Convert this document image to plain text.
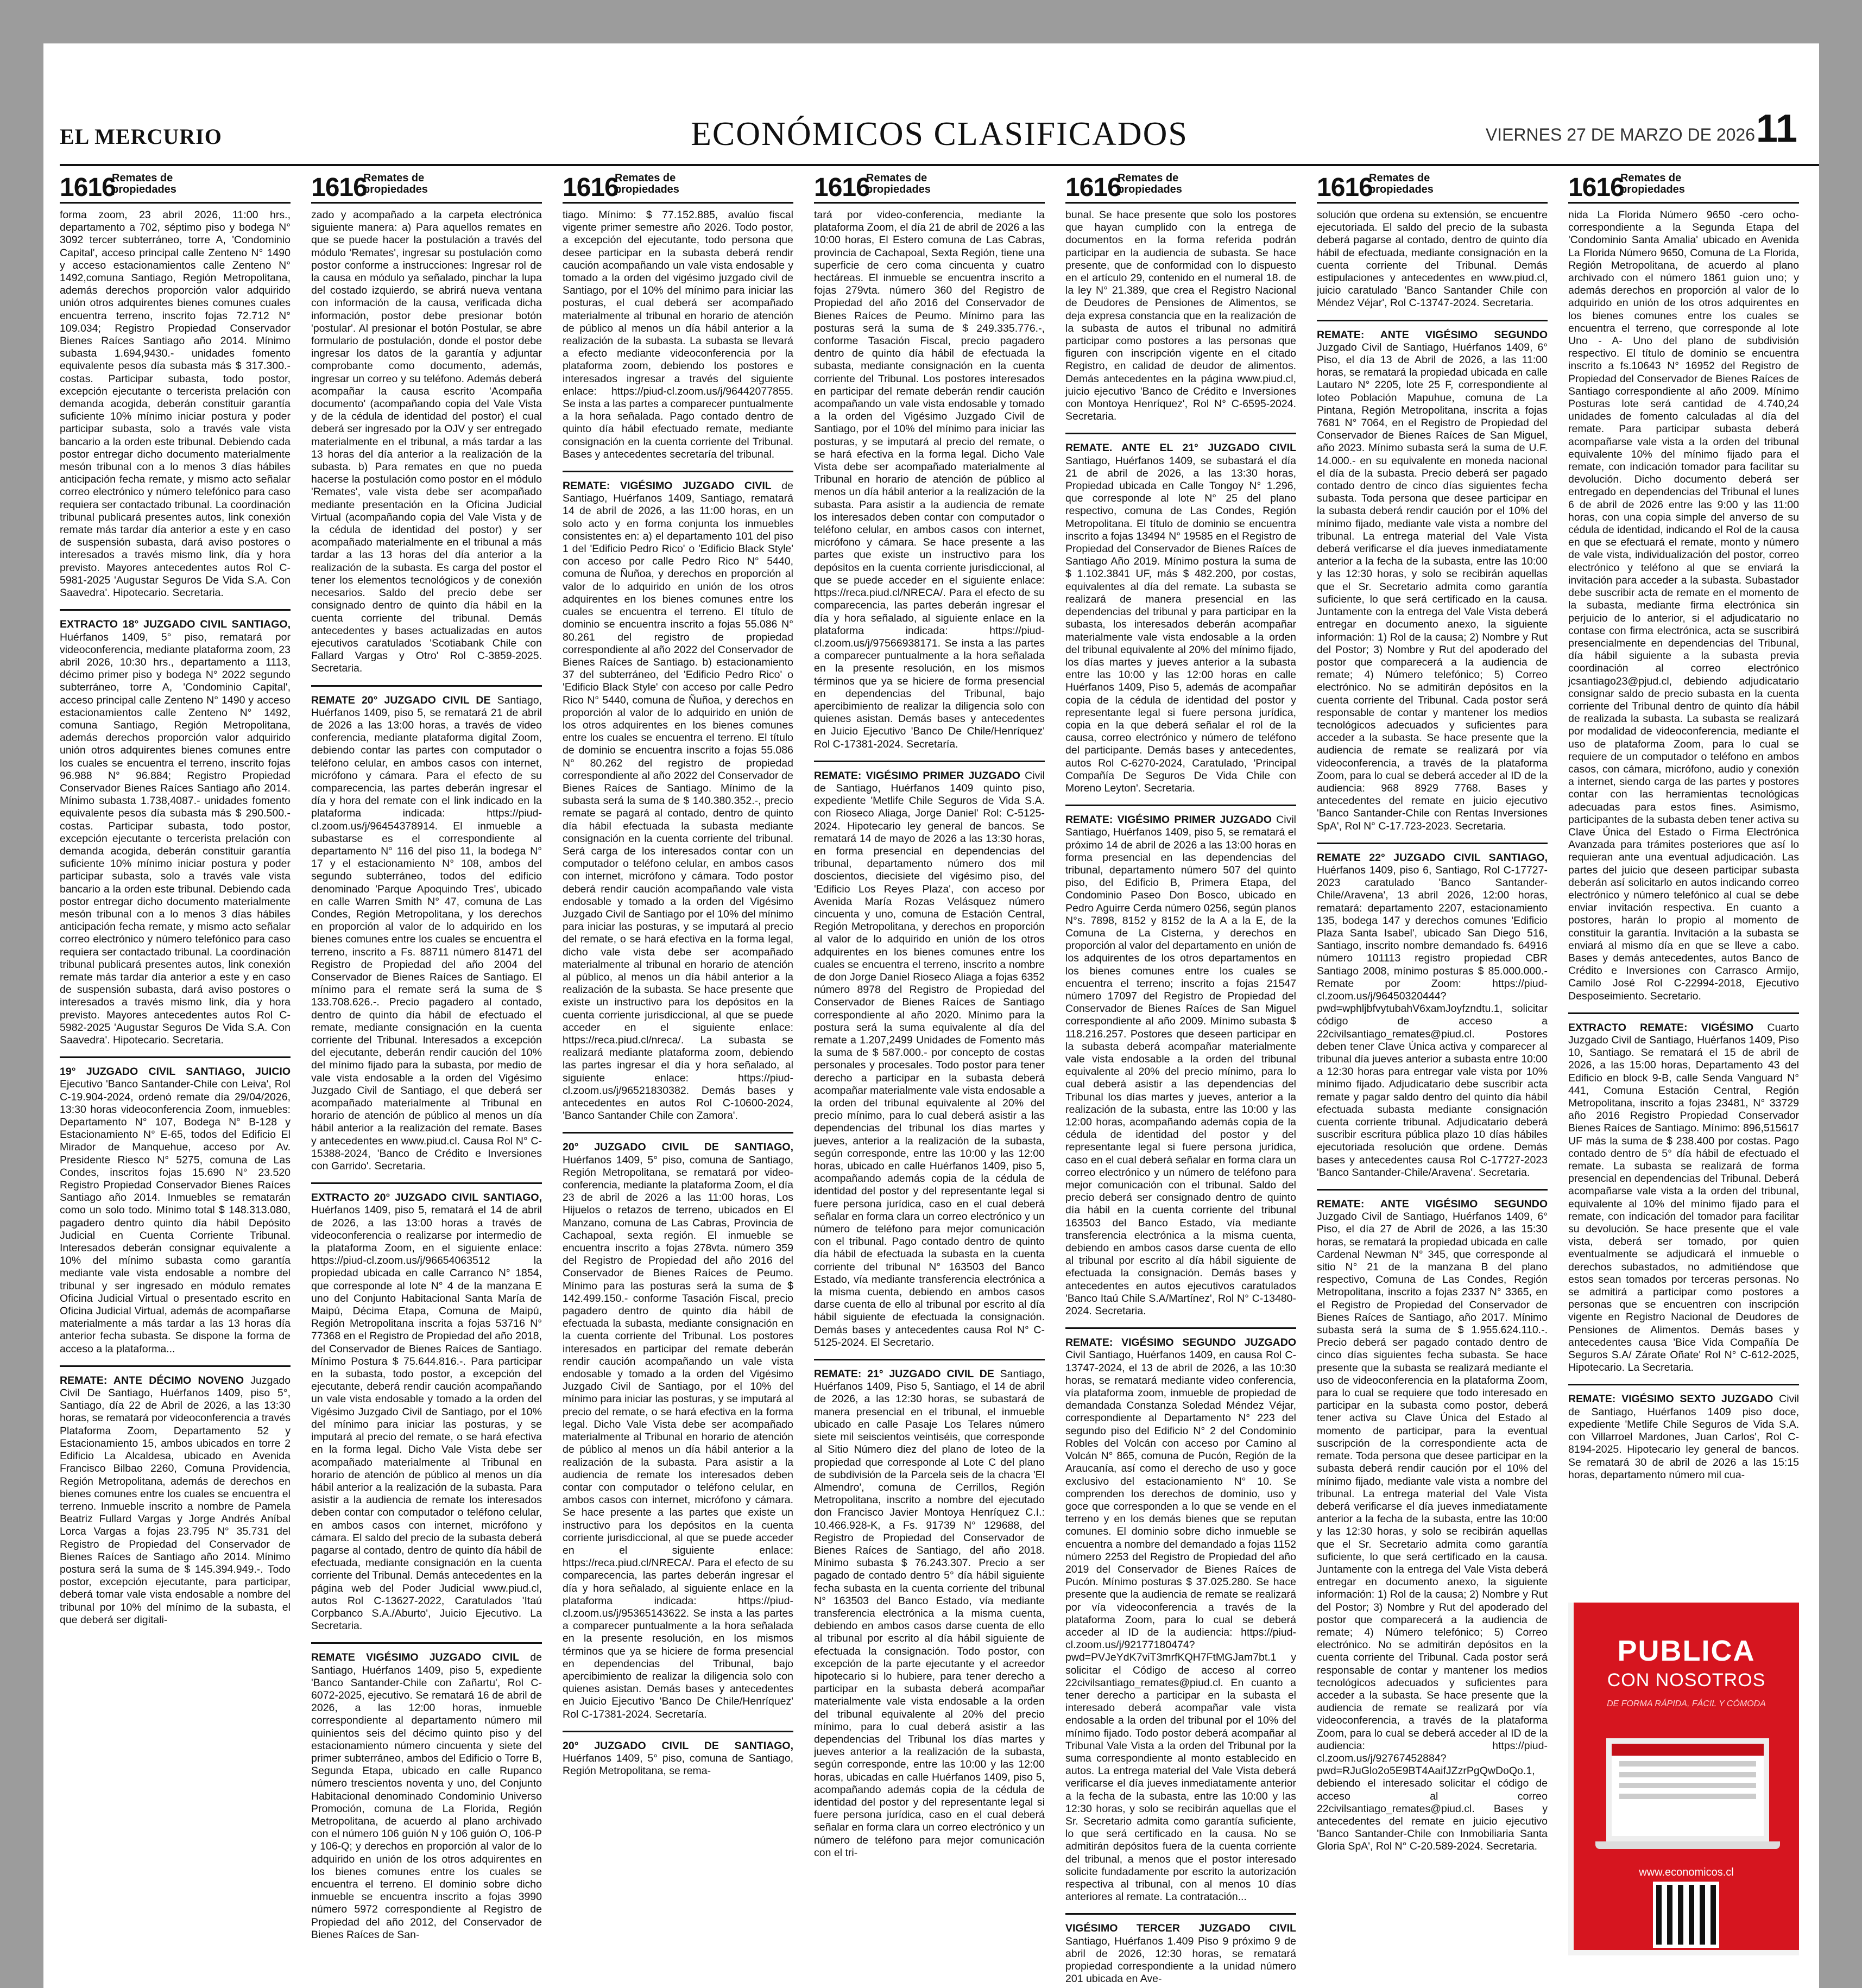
EL MERCURIO	ECONÓMICOS CLASIFICADOS	VIERNES 27 DE MARZO DE 2026 11
1616
Remates de propiedades

forma zoom, 23 abril 2026, 11:00 hrs., departamento a 702, séptimo piso y bodega N° 3092 tercer subterráneo, torre A, 'Condominio Capital', acceso principal calle Zenteno N° 1490 y acceso estacionamientos calle Zenteno N° 1492,comuna Santiago, Región Metropolitana, además derechos proporción valor adquirido unión otros adquirentes bienes comunes cuales encuentra terreno, inscrito fojas 72.712 N° 109.034; Registro Propiedad Conservador Bienes Raíces Santiago año 2014. Mínimo subasta 1.694,9430.- unidades fomento equivalente pesos día subasta más $ 317.300.- costas. Participar subasta, todo postor, excepción ejecutante o tercerista prelación con demanda acogida, deberán constituir garantía suficiente 10% mínimo iniciar postura y poder participar subasta, solo a través vale vista bancario a la orden este tribunal. Debiendo cada postor entregar dicho documento materialmente mesón tribunal con a lo menos 3 días hábiles anticipación fecha remate, y mismo acto señalar correo electrónico y número telefónico para caso requiera ser contactado tribunal. La coordinación tribunal publicará presentes autos, link conexión remate más tardar día anterior a este y en caso de suspensión subasta, dará aviso postores o interesados a través mismo link, día y hora previsto. Mayores antecedentes autos Rol C-5981-2025 'Augustar Seguros De Vida S.A. Con Saavedra'. Hipotecario. Secretaria.

EXTRACTO 18° JUZGADO CIVIL SANTIAGO, Huérfanos 1409, 5° piso, rematará por videoconferencia, mediante plataforma zoom, 23 abril 2026, 10:30 hrs., departamento a 1113, décimo primer piso y bodega N° 2022 segundo subterráneo, torre A, 'Condominio Capital', acceso principal calle Zenteno N° 1490 y acceso estacionamientos calle Zenteno N° 1492, comuna Santiago, Región Metropolitana, además derechos proporción valor adquirido unión otros adquirentes bienes comunes entre los cuales se encuentra el terreno, inscrito fojas 96.988 N° 96.884; Registro Propiedad Conservador Bienes Raíces Santiago año 2014. Mínimo subasta 1.738,4087.- unidades fomento equivalente pesos día subasta más $ 290.500.- costas. Participar subasta, todo postor, excepción ejecutante o tercerista prelación con demanda acogida, deberán constituir garantía suficiente 10% mínimo iniciar postura y poder participar subasta, solo a través vale vista bancario a la orden este tribunal. Debiendo cada postor entregar dicho documento materialmente mesón tribunal con a lo menos 3 días hábiles anticipación fecha remate, y mismo acto señalar correo electrónico y número telefónico para caso requiera ser contactado tribunal. La coordinación tribunal publicará presentes autos, link conexión remate más tardar día anterior a este y en caso de suspensión subasta, dará aviso postores o interesados a través mismo link, día y hora previsto. Mayores antecedentes autos Rol C-5982-2025 'Augustar Seguros De Vida S.A. Con Saavedra'. Hipotecario. Secretaria.

19° JUZGADO CIVIL SANTIAGO, JUICIO Ejecutivo 'Banco Santander-Chile con Leiva', Rol C-19.904-2024, ordenó remate día 29/04/2026, 13:30 horas videoconferencia Zoom, inmuebles: Departamento N° 107, Bodega N° B-128 y Estacionamiento N° E-65, todos del Edificio El Mirador de Manquehue, acceso por Av. Presidente Riesco N° 5275, comuna de Las Condes, inscritos fojas 15.690 N° 23.520 Registro Propiedad Conservador Bienes Raíces Santiago año 2014. Inmuebles se rematarán como un solo todo. Mínimo total $ 148.313.080, pagadero dentro quinto día hábil Depósito Judicial en Cuenta Corriente Tribunal. Interesados deberán consignar equivalente a 10% del mínimo subasta como garantía mediante vale vista endosable a nombre del tribunal y ser ingresado en módulo remates Oficina Judicial Virtual o presentado escrito en Oficina Judicial Virtual, además de acompañarse materialmente a más tardar a las 13 horas día anterior fecha subasta. Se dispone la forma de acceso a la plataforma...

REMATE: ANTE DÉCIMO NOVENO Juzgado Civil De Santiago, Huérfanos 1409, piso 5°, Santiago, día 22 de Abril de 2026, a las 13:30 horas, se rematará por videoconferencia a través Plataforma Zoom, Departamento 52 y Estacionamiento 15, ambos ubicados en torre 2 Edificio La Alcaldesa, ubicado en Avenida Francisco Bilbao 2260, Comuna Providencia, Región Metropolitana, además de derechos en bienes comunes entre los cuales se encuentra el terreno. Inmueble inscrito a nombre de Pamela Beatriz Fullard Vargas y Jorge Andrés Aníbal Lorca Vargas a fojas 23.795 N° 35.731 del Registro de Propiedad del Conservador de Bienes Raíces de Santiago año 2014. Mínimo postura será la suma de $ 145.394.949.-. Todo postor, excepción ejecutante, para participar, deberá tomar vale vista endosable a nombre del tribunal por 10% del mínimo de la subasta, el que deberá ser digitali-

1616
Remates de propiedades

zado y acompañado a la carpeta electrónica siguiente manera: a) Para aquellos remates en que se puede hacer la postulación a través del módulo 'Remates', ingresar su postulación como postor conforme a instrucciones: Ingresar rol de la causa en módulo ya señalado, pinchar la lupa del costado izquierdo, se abrirá nueva ventana con información de la causa, verificada dicha información, postor debe presionar botón 'postular'. Al presionar el botón Postular, se abre formulario de postulación, donde el postor debe ingresar los datos de la garantía y adjuntar comprobante como documento, además, ingresar un correo y su teléfono. Además deberá acompañar la causa escrito 'Acompaña documento' (acompañando copia del Vale Vista y de la cédula de identidad del postor) el cual deberá ser ingresado por la OJV y ser entregado materialmente en el tribunal, a más tardar a las 13 horas del día anterior a la realización de la subasta. b) Para remates en que no pueda hacerse la postulación como postor en el módulo 'Remates', vale vista debe ser acompañado mediante presentación en la Oficina Judicial Virtual (acompañando copia del Vale Vista y de la cédula de identidad del postor) y ser acompañado materialmente en el tribunal a más tardar a las 13 horas del día anterior a la realización de la subasta. Es carga del postor el tener los elementos tecnológicos y de conexión necesarios. Saldo del precio debe ser consignado dentro de quinto día hábil en la cuenta corriente del tribunal. Demás antecedentes y bases actualizadas en autos ejecutivos caratulados 'Scotiabank Chile con Fallard Vargas y Otro' Rol C-3859-2025. Secretaria.

REMATE 20° JUZGADO CIVIL DE Santiago, Huérfanos 1409, piso 5, se rematará 21 de abril de 2026 a las 13:00 horas, a través de video conferencia, mediante plataforma digital Zoom, debiendo contar las partes con computador o teléfono celular, en ambos casos con internet, micrófono y cámara. Para el efecto de su comparecencia, las partes deberán ingresar el día y hora del remate con el link indicado en la plataforma indicada: https://piud-cl.zoom.us/j/96454378914. El inmueble a subastarse es el correspondiente al departamento N° 116 del piso 11, la bodega N° 17 y el estacionamiento N° 108, ambos del segundo subterráneo, todos del edificio denominado 'Parque Apoquindo Tres', ubicado en calle Warren Smith N° 47, comuna de Las Condes, Región Metropolitana, y los derechos en proporción al valor de lo adquirido en los bienes comunes entre los cuales se encuentra el terreno, inscrito a Fs. 88711 número 81471 del Registro de Propiedad del año 2004 del Conservador de Bienes Raíces de Santiago. El mínimo para el remate será la suma de $ 133.708.626.-. Precio pagadero al contado, dentro de quinto día hábil de efectuado el remate, mediante consignación en la cuenta corriente del Tribunal. Interesados a excepción del ejecutante, deberán rendir caución del 10% del mínimo fijado para la subasta, por medio de vale vista endosable a la orden del Vigésimo Juzgado Civil de Santiago, el que deberá ser acompañado materialmente al Tribunal en horario de atención de público al menos un día hábil anterior a la realización del remate. Bases y antecedentes en www.piud.cl. Causa Rol N° C-15388-2024, 'Banco de Crédito e Inversiones con Garrido'. Secretaria.

EXTRACTO 20° JUZGADO CIVIL SANTIAGO, Huérfanos 1409, piso 5, rematará el 14 de abril de 2026, a las 13:00 horas a través de videoconferencia o realizarse por intermedio de la plataforma Zoom, en el siguiente enlace: https://piud-cl.zoom.us/j/96654063512 la propiedad ubicada en calle Carranco N° 1854, que corresponde al lote N° 4 de la manzana E uno del Conjunto Habitacional Santa María de Maipú, Décima Etapa, Comuna de Maipú, Región Metropolitana inscrita a fojas 53716 N° 77368 en el Registro de Propiedad del año 2018, del Conservador de Bienes Raíces de Santiago. Mínimo Postura $ 75.644.816.-. Para participar en la subasta, todo postor, a excepción del ejecutante, deberá rendir caución acompañando un vale vista endosable y tomado a la orden del Vigésimo Juzgado Civil de Santiago, por el 10% del mínimo para iniciar las posturas, y se imputará al precio del remate, o se hará efectiva en la forma legal. Dicho Vale Vista debe ser acompañado materialmente al Tribunal en horario de atención de público al menos un día hábil anterior a la realización de la subasta. Para asistir a la audiencia de remate los interesados deben contar con computador o teléfono celular, en ambos casos con internet, micrófono y cámara. El saldo del precio de la subasta deberá pagarse al contado, dentro de quinto día hábil de efectuada, mediante consignación en la cuenta corriente del Tribunal. Demás antecedentes en la página web del Poder Judicial www.piud.cl, autos Rol C-13627-2022, Caratulados 'Itaú Corpbanco S.A./Aburto', Juicio Ejecutivo. La Secretaria.

REMATE VIGÉSIMO JUZGADO CIVIL de Santiago, Huérfanos 1409, piso 5, expediente 'Banco Santander-Chile con Zañartu', Rol C-6072-2025, ejecutivo. Se rematará 16 de abril de 2026, a las 12:00 horas, inmueble correspondiente al departamento número mil quinientos seis del décimo quinto piso y del estacionamiento número cincuenta y siete del primer subterráneo, ambos del Edificio o Torre B, Segunda Etapa, ubicado en calle Rupanco número trescientos noventa y uno, del Conjunto Habitacional denominado Condominio Universo Promoción, comuna de La Florida, Región Metropolitana, de acuerdo al plano archivado con el número 106 guión N y 106 guión O, 106-P y 106-Q; y derechos en proporción al valor de lo adquirido en unión de los otros adquirentes en los bienes comunes entre los cuales se encuentra el terreno. El dominio sobre dicho inmueble se encuentra inscrito a fojas 3990 número 5972 correspondiente al Registro de Propiedad del año 2012, del Conservador de Bienes Raíces de San-

1616
Remates de propiedades

tiago. Mínimo: $ 77.152.885, avalúo fiscal vigente primer semestre año 2026. Todo postor, a excepción del ejecutante, todo persona que desee participar en la subasta deberá rendir caución acompañando un vale vista endosable y tomado a la orden del vigésimo juzgado civil de Santiago, por el 10% del mínimo para iniciar las posturas, el cual deberá ser acompañado materialmente al tribunal en horario de atención de público al menos un día hábil anterior a la realización de la subasta. La subasta se llevará a efecto mediante videoconferencia por la plataforma zoom, debiendo los postores e interesados ingresar a través del siguiente enlace: https://piud-cl.zoom.us/j/96442077855. Se insta a las partes a comparecer puntualmente a la hora señalada. Pago contado dentro de quinto día hábil efectuado remate, mediante consignación en la cuenta corriente del Tribunal. Bases y antecedentes secretaría del tribunal.

REMATE: VIGÉSIMO JUZGADO CIVIL de Santiago, Huérfanos 1409, Santiago, rematará 14 de abril de 2026, a las 11:00 horas, en un solo acto y en forma conjunta los inmuebles consistentes en: a) el departamento 101 del piso 1 del 'Edificio Pedro Rico' o 'Edificio Black Style' con acceso por calle Pedro Rico N° 5440, comuna de Ñuñoa, y derechos en proporción al valor de lo adquirido en unión de los otros adquirentes en los bienes comunes entre los cuales se encuentra el terreno. El título de dominio se encuentra inscrito a fojas 55.086 N° 80.261 del registro de propiedad correspondiente al año 2022 del Conservador de Bienes Raíces de Santiago. b) estacionamiento 37 del subterráneo, del 'Edificio Pedro Rico' o 'Edificio Black Style' con acceso por calle Pedro Rico N° 5440, comuna de Ñuñoa, y derechos en proporción al valor de lo adquirido en unión de los otros adquirentes en los bienes comunes entre los cuales se encuentra el terreno. El título de dominio se encuentra inscrito a fojas 55.086 N° 80.262 del registro de propiedad correspondiente al año 2022 del Conservador de Bienes Raíces de Santiago. Mínimo de la subasta será la suma de $ 140.380.352.-, precio remate se pagará al contado, dentro de quinto día hábil efectuada la subasta mediante consignación en la cuenta corriente del tribunal. Será carga de los interesados contar con un computador o teléfono celular, en ambos casos con internet, micrófono y cámara. Todo postor deberá rendir caución acompañando vale vista endosable y tomado a la orden del Vigésimo Juzgado Civil de Santiago por el 10% del mínimo para iniciar las posturas, y se imputará al precio del remate, o se hará efectiva en la forma legal, dicho vale vista debe ser acompañado materialmente al tribunal en horario de atención al público, al menos un día hábil anterior a la realización de la subasta. Se hace presente que existe un instructivo para los depósitos en la cuenta corriente jurisdiccional, al que se puede acceder en el siguiente enlace: https://reca.piud.cl/nreca/. La subasta se realizará mediante plataforma zoom, debiendo las partes ingresar el día y hora señalado, al siguiente enlace: https://piud-cl.zoom.us/j/96521830382. Demás bases y antecedentes en autos Rol C-10600-2024, 'Banco Santander Chile con Zamora'.

20° JUZGADO CIVIL DE SANTIAGO, Huérfanos 1409, 5° piso, comuna de Santiago, Región Metropolitana, se rematará por video-conferencia, mediante la plataforma Zoom, el día 23 de abril de 2026 a las 11:00 horas, Los Hijuelos o retazos de terreno, ubicados en El Manzano, comuna de Las Cabras, Provincia de Cachapoal, sexta región. El inmueble se encuentra inscrito a fojas 278vta. número 359 del Registro de Propiedad del año 2016 del Conservador de Bienes Raíces de Peumo. Mínimo para las posturas será la suma de $ 142.499.150.- conforme Tasación Fiscal, precio pagadero dentro de quinto día hábil de efectuada la subasta, mediante consignación en la cuenta corriente del Tribunal. Los postores interesados en participar del remate deberán rendir caución acompañando un vale vista endosable y tomado a la orden del Vigésimo Juzgado Civil de Santiago, por el 10% del mínimo para iniciar las posturas, y se imputará al precio del remate, o se hará efectiva en la forma legal. Dicho Vale Vista debe ser acompañado materialmente al Tribunal en horario de atención de público al menos un día hábil anterior a la realización de la subasta. Para asistir a la audiencia de remate los interesados deben contar con computador o teléfono celular, en ambos casos con internet, micrófono y cámara. Se hace presente a las partes que existe un instructivo para los depósitos en la cuenta corriente jurisdiccional, al que se puede acceder en el siguiente enlace: https://reca.piud.cl/NRECA/. Para el efecto de su comparecencia, las partes deberán ingresar el día y hora señalado, al siguiente enlace en la plataforma indicada: https://piud-cl.zoom.us/j/95365143622. Se insta a las partes a comparecer puntualmente a la hora señalada en la presente resolución, en los mismos términos que ya se hiciere de forma presencial en dependencias del Tribunal, bajo apercibimiento de realizar la diligencia solo con quienes asistan. Demás bases y antecedentes en Juicio Ejecutivo 'Banco De Chile/Henríquez' Rol C-17381-2024. Secretaría.

20° JUZGADO CIVIL DE SANTIAGO, Huérfanos 1409, 5° piso, comuna de Santiago, Región Metropolitana, se rema-

1616
Remates de propiedades

tará por video-conferencia, mediante la plataforma Zoom, el día 21 de abril de 2026 a las 10:00 horas, El Estero comuna de Las Cabras, provincia de Cachapoal, Sexta Región, tiene una superficie de cero coma cincuenta y cuatro hectáreas. El inmueble se encuentra inscrito a fojas 279vta. número 360 del Registro de Propiedad del año 2016 del Conservador de Bienes Raíces de Peumo. Mínimo para las posturas será la suma de $ 249.335.776.-, conforme Tasación Fiscal, precio pagadero dentro de quinto día hábil de efectuada la subasta, mediante consignación en la cuenta corriente del Tribunal. Los postores interesados en participar del remate deberán rendir caución acompañando un vale vista endosable y tomado a la orden del Vigésimo Juzgado Civil de Santiago, por el 10% del mínimo para iniciar las posturas, y se imputará al precio del remate, o se hará efectiva en la forma legal. Dicho Vale Vista debe ser acompañado materialmente al Tribunal en horario de atención de público al menos un día hábil anterior a la realización de la subasta. Para asistir a la audiencia de remate los interesados deben contar con computador o teléfono celular, en ambos casos con internet, micrófono y cámara. Se hace presente a las partes que existe un instructivo para los depósitos en la cuenta corriente jurisdiccional, al que se puede acceder en el siguiente enlace: https://reca.piud.cl/NRECA/. Para el efecto de su comparecencia, las partes deberán ingresar el día y hora señalado, al siguiente enlace en la plataforma indicada: https://piud-cl.zoom.us/j/97566938171. Se insta a las partes a comparecer puntualmente a la hora señalada en la presente resolución, en los mismos términos que ya se hiciere de forma presencial en dependencias del Tribunal, bajo apercibimiento de realizar la diligencia solo con quienes asistan. Demás bases y antecedentes en Juicio Ejecutivo 'Banco De Chile/Henríquez' Rol C-17381-2024. Secretaría.

REMATE: VIGÉSIMO PRIMER JUZGADO Civil de Santiago, Huérfanos 1409 quinto piso, expediente 'Metlife Chile Seguros de Vida S.A. con Rioseco Aliaga, Jorge Daniel' Rol: C-5125-2024. Hipotecario ley general de bancos. Se rematará 14 de mayo de 2026 a las 13:30 horas, en forma presencial en dependencias del tribunal, departamento número dos mil doscientos, diecisiete del vigésimo piso, del 'Edificio Los Reyes Plaza', con acceso por Avenida María Rozas Velásquez número cincuenta y uno, comuna de Estación Central, Región Metropolitana, y derechos en proporción al valor de lo adquirido en unión de los otros adquirentes en los bienes comunes entre los cuales se encuentra el terreno, inscrito a nombre de don Jorge Daniel Rioseco Aliaga a fojas 6352 número 8978 del Registro de Propiedad del Conservador de Bienes Raíces de Santiago correspondiente al año 2020. Mínimo para la postura será la suma equivalente al día del remate a 1.207,2499 Unidades de Fomento más la suma de $ 587.000.- por concepto de costas personales y procesales. Todo postor para tener derecho a participar en la subasta deberá acompañar materialmente vale vista endosable a la orden del tribunal equivalente al 20% del precio mínimo, para lo cual deberá asistir a las dependencias del tribunal los días martes y jueves, anterior a la realización de la subasta, según corresponde, entre las 10:00 y las 12:00 horas, ubicado en calle Huérfanos 1409, piso 5, acompañando además copia de la cédula de identidad del postor y del representante legal si fuere persona jurídica, caso en el cual deberá señalar en forma clara un correo electrónico y un número de teléfono para mejor comunicación con el tribunal. Pago contado dentro de quinto día hábil de efectuada la subasta en la cuenta corriente del tribunal N° 163503 del Banco Estado, vía mediante transferencia electrónica a la misma cuenta, debiendo en ambos casos darse cuenta de ello al tribunal por escrito al día hábil siguiente de efectuada la consignación. Demás bases y antecedentes causa Rol N° C-5125-2024. El Secretario.

REMATE: 21° JUZGADO CIVIL DE Santiago, Huérfanos 1409, Piso 5, Santiago, el 14 de abril de 2026, a las 12:30 horas, se subastará de manera presencial en el tribunal, el inmueble ubicado en calle Pasaje Los Telares número siete mil seiscientos veintiséis, que corresponde al Sitio Número diez del plano de loteo de la propiedad que corresponde al Lote C del plano de subdivisión de la Parcela seis de la chacra 'El Almendro', comuna de Cerrillos, Región Metropolitana, inscrito a nombre del ejecutado don Francisco Javier Montoya Henríquez C.I.: 10.466.928-K, a Fs. 91739 N° 129688, del Registro de Propiedad del Conservador de Bienes Raíces de Santiago, del año 2018. Mínimo subasta $ 76.243.307. Precio a ser pagado de contado dentro 5° día hábil siguiente fecha subasta en la cuenta corriente del tribunal N° 163503 del Banco Estado, vía mediante transferencia electrónica a la misma cuenta, debiendo en ambos casos darse cuenta de ello al tribunal por escrito al día hábil siguiente de efectuada la consignación. Todo postor, con excepción de la parte ejecutante y el acreedor hipotecario si lo hubiere, para tener derecho a participar en la subasta deberá acompañar materialmente vale vista endosable a la orden del tribunal equivalente al 20% del precio mínimo, para lo cual deberá asistir a las dependencias del Tribunal los días martes y jueves anterior a la realización de la subasta, según corresponde, entre las 10:00 y las 12:00 horas, ubicadas en calle Huérfanos 1409, piso 5, acompañando además copia de la cédula de identidad del postor y del representante legal si fuere persona jurídica, caso en el cual deberá señalar en forma clara un correo electrónico y un número de teléfono para mejor comunicación con el tri-

1616
Remates de propiedades

bunal. Se hace presente que solo los postores que hayan cumplido con la entrega de documentos en la forma referida podrán participar en la audiencia de subasta. Se hace presente, que de conformidad con lo dispuesto en el artículo 29, contenido en el numeral 18. de la ley N° 21.389, que crea el Registro Nacional de Deudores de Pensiones de Alimentos, se deja expresa constancia que en la realización de la subasta de autos el tribunal no admitirá participar como postores a las personas que figuren con inscripción vigente en el citado Registro, en calidad de deudor de alimentos. Demás antecedentes en la página www.piud.cl, juicio ejecutivo 'Banco de Crédito e Inversiones con Montoya Henríquez', Rol N° C-6595-2024. Secretaria.

REMATE. ANTE EL 21° JUZGADO CIVIL Santiago, Huérfanos 1409, se subastará el día 21 de abril de 2026, a las 13:30 horas, Propiedad ubicada en Calle Tongoy N° 1.296, que corresponde al lote N° 25 del plano respectivo, comuna de Las Condes, Región Metropolitana. El título de dominio se encuentra inscrito a fojas 13494 N° 19585 en el Registro de Propiedad del Conservador de Bienes Raíces de Santiago Año 2019. Mínimo postura la suma de $ 1.102.3841 UF, más $ 482.200, por costas, equivalentes al día del remate. La subasta se realizará de manera presencial en las dependencias del tribunal y para participar en la subasta, los interesados deberán acompañar materialmente vale vista endosable a la orden del tribunal equivalente al 20% del mínimo fijado, los días martes y jueves anterior a la subasta entre las 10:00 y las 12:00 horas en calle Huérfanos 1409, Piso 5, además de acompañar copia de la cédula de identidad del postor y representante legal si fuere persona jurídica, copia en la que deberá señalar el rol de la causa, correo electrónico y número de teléfono del participante. Demás bases y antecedentes, autos Rol C-6270-2024, Caratulado, 'Principal Compañía De Seguros De Vida Chile con Moreno Leyton'. Secretaria.

REMATE: VIGÉSIMO PRIMER JUZGADO Civil Santiago, Huérfanos 1409, piso 5, se rematará el próximo 14 de abril de 2026 a las 13:00 horas en forma presencial en las dependencias del tribunal, departamento número 507 del quinto piso, del Edificio B, Primera Etapa, del Condominio Paseo Don Bosco, ubicado en Pedro Aguirre Cerda número 0256, según planos N°s. 7898, 8152 y 8152 de la A a la E, de la Comuna de La Cisterna, y derechos en proporción al valor del departamento en unión de los adquirentes de los otros departamentos en los bienes comunes entre los cuales se encuentra el terreno; inscrito a fojas 21547 número 17097 del Registro de Propiedad del Conservador de Bienes Raíces de San Miguel correspondiente al año 2009. Mínimo subasta $ 118.216.257. Postores que deseen participar en la subasta deberá acompañar materialmente vale vista endosable a la orden del tribunal equivalente al 20% del precio mínimo, para lo cual deberá asistir a las dependencias del Tribunal los días martes y jueves, anterior a la realización de la subasta, entre las 10:00 y las 12:00 horas, acompañando además copia de la cédula de identidad del postor y del representante legal si fuere persona jurídica, caso en el cual deberá señalar en forma clara un correo electrónico y un número de teléfono para mejor comunicación con el tribunal. Saldo del precio deberá ser consignado dentro de quinto día hábil en la cuenta corriente del tribunal 163503 del Banco Estado, vía mediante transferencia electrónica a la misma cuenta, debiendo en ambos casos darse cuenta de ello al tribunal por escrito al día hábil siguiente de efectuada la consignación. Demás bases y antecedentes en autos ejecutivos caratulados 'Banco Itaú Chile S.A/Martínez', Rol N° C-13480-2024. Secretaria.

REMATE: VIGÉSIMO SEGUNDO JUZGADO Civil Santiago, Huérfanos 1409, en causa Rol C-13747-2024, el 13 de abril de 2026, a las 10:30 horas, se rematará mediante video conferencia, vía plataforma zoom, inmueble de propiedad de demandada Constanza Soledad Méndez Véjar, correspondiente al Departamento N° 223 del segundo piso del Edificio N° 2 del Condominio Robles del Volcán con acceso por Camino al Volcán N° 865, comuna de Pucón, Región de la Araucanía, así como el derecho de uso y goce exclusivo del estacionamiento N° 10. Se comprenden los derechos de dominio, uso y goce que corresponden a lo que se vende en el terreno y en los demás bienes que se reputan comunes. El dominio sobre dicho inmueble se encuentra a nombre del demandado a fojas 1152 número 2253 del Registro de Propiedad del año 2019 del Conservador de Bienes Raíces de Pucón. Mínimo posturas $ 37.025.280. Se hace presente que la audiencia de remate se realizará por vía videoconferencia a través de la plataforma Zoom, para lo cual se deberá acceder al ID de la audiencia: https://piud-cl.zoom.us/j/92177180474?pwd=PVJeYdK7viT3mrfKQH7FtMGJam7bt.1 y solicitar el Código de acceso al correo 22civilsantiago_remates@piud.cl. En cuanto a tener derecho a participar en la subasta el interesado deberá acompañar vale vista endosable a la orden del tribunal por el 10% del mínimo fijado. Todo postor deberá acompañar al Tribunal Vale Vista a la orden del Tribunal por la suma correspondiente al monto establecido en autos. La entrega material del Vale Vista deberá verificarse el día jueves inmediatamente anterior a la fecha de la subasta, entre las 10:00 y las 12:30 horas, y solo se recibirán aquellas que el Sr. Secretario admita como garantía suficiente, lo que será certificado en la causa. No se admitirán depósitos fuera de la cuenta corriente del tribunal, a menos que el postor interesado solicite fundadamente por escrito la autorización respectiva al tribunal, con al menos 10 días anteriores al remate. La contratación...

VIGÉSIMO TERCER JUZGADO CIVIL Santiago, Huérfanos 1.409 Piso 9 próximo 9 de abril de 2026, 12:30 horas, se rematará propiedad correspondiente a la unidad número 201 ubicada en Ave-

1616
Remates de propiedades

solución que ordena su extensión, se encuentre ejecutoriada. El saldo del precio de la subasta deberá pagarse al contado, dentro de quinto día hábil de efectuada, mediante consignación en la cuenta corriente del Tribunal. Demás estipulaciones y antecedentes en www.piud.cl, juicio caratulado 'Banco Santander Chile con Méndez Véjar', Rol C-13747-2024. Secretaria.

REMATE: ANTE VIGÉSIMO SEGUNDO Juzgado Civil de Santiago, Huérfanos 1409, 6° Piso, el día 13 de Abril de 2026, a las 11:00 horas, se rematará la propiedad ubicada en calle Lautaro N° 2205, lote 25 F, correspondiente al loteo Población Mapuhue, comuna de La Pintana, Región Metropolitana, inscrita a fojas 7681 N° 7064, en el Registro de Propiedad del Conservador de Bienes Raíces de San Miguel, año 2023. Mínimo subasta será la suma de U.F. 14.000.- en su equivalente en moneda nacional el día de la subasta. Precio deberá ser pagado contado dentro de cinco días siguientes fecha subasta. Toda persona que desee participar en la subasta deberá rendir caución por el 10% del mínimo fijado, mediante vale vista a nombre del tribunal. La entrega material del Vale Vista deberá verificarse el día jueves inmediatamente anterior a la fecha de la subasta, entre las 10:00 y las 12:30 horas, y solo se recibirán aquellas que el Sr. Secretario admita como garantía suficiente, lo que será certificado en la causa. Juntamente con la entrega del Vale Vista deberá entregar en documento anexo, la siguiente información: 1) Rol de la causa; 2) Nombre y Rut del Postor; 3) Nombre y Rut del apoderado del postor que comparecerá a la audiencia de remate; 4) Número telefónico; 5) Correo electrónico. No se admitirán depósitos en la cuenta corriente del Tribunal. Cada postor será responsable de contar y mantener los medios tecnológicos adecuados y suficientes para acceder a la subasta. Se hace presente que la audiencia de remate se realizará por vía videoconferencia, a través de la plataforma Zoom, para lo cual se deberá acceder al ID de la audiencia: 968 8929 7768. Bases y antecedentes del remate en juicio ejecutivo 'Banco Santander-Chile con Rentas Inversiones SpA', Rol N° C-17.723-2023. Secretaria.

REMATE 22° JUZGADO CIVIL SANTIAGO, Huérfanos 1409, piso 6, Santiago, Rol C-17727-2023 caratulado 'Banco Santander-Chile/Aravena', 13 abril 2026, 12:00 horas, rematará: departamento 2207, estacionamiento 135, bodega 147 y derechos comunes 'Edificio Plaza Santa Isabel', ubicado San Diego 516, Santiago, inscrito nombre demandado fs. 64916 número 101113 registro propiedad CBR Santiago 2008, mínimo posturas $ 85.000.000.- Remate por Zoom: https://piud-cl.zoom.us/j/96450320444?pwd=wphljbfvytubahV6xamJoyfzndtu.1, solicitar código de acceso a 22civilsantiago_remates@piud.cl. Postores deben tener Clave Única activa y comparecer al tribunal día jueves anterior a subasta entre 10:00 a 12:30 horas para entregar vale vista por 10% mínimo fijado. Adjudicatario debe suscribir acta remate y pagar saldo dentro del quinto día hábil efectuada subasta mediante consignación cuenta corriente tribunal. Adjudicatario deberá suscribir escritura pública plazo 10 días hábiles ejecutoriada resolución que ordene. Demás bases y antecedentes causa Rol C-17727-2023 'Banco Santander-Chile/Aravena'. Secretaria.

REMATE: ANTE VIGÉSIMO SEGUNDO Juzgado Civil de Santiago, Huérfanos 1409, 6° Piso, el día 27 de Abril de 2026, a las 15:30 horas, se rematará la propiedad ubicada en calle Cardenal Newman N° 345, que corresponde al sitio N° 21 de la manzana B del plano respectivo, Comuna de Las Condes, Región Metropolitana, inscrito a fojas 2337 N° 3365, en el Registro de Propiedad del Conservador de Bienes Raíces de Santiago, año 2017. Mínimo subasta será la suma de $ 1.955.624.110.-. Precio deberá ser pagado contado dentro de cinco días siguientes fecha subasta. Se hace presente que la subasta se realizará mediante el uso de videoconferencia en la plataforma Zoom, para lo cual se requiere que todo interesado en participar en la subasta como postor, deberá tener activa su Clave Única del Estado al momento de participar, para la eventual suscripción de la correspondiente acta de remate. Toda persona que desee participar en la subasta deberá rendir caución por el 10% del mínimo fijado, mediante vale vista a nombre del tribunal. La entrega material del Vale Vista deberá verificarse el día jueves inmediatamente anterior a la fecha de la subasta, entre las 10:00 y las 12:30 horas, y solo se recibirán aquellas que el Sr. Secretario admita como garantía suficiente, lo que será certificado en la causa. Juntamente con la entrega del Vale Vista deberá entregar en documento anexo, la siguiente información: 1) Rol de la causa; 2) Nombre y Rut del Postor; 3) Nombre y Rut del apoderado del postor que comparecerá a la audiencia de remate; 4) Número telefónico; 5) Correo electrónico. No se admitirán depósitos en la cuenta corriente del Tribunal. Cada postor será responsable de contar y mantener los medios tecnológicos adecuados y suficientes para acceder a la subasta. Se hace presente que la audiencia de remate se realizará por vía videoconferencia, a través de la plataforma Zoom, para lo cual se deberá acceder al ID de la audiencia: https://piud-cl.zoom.us/j/92767452884?pwd=RJuGlo2o5E9BT4AaifJZzrPgQwDoQo.1, debiendo el interesado solicitar el código de acceso al correo 22civilsantiago_remates@piud.cl. Bases y antecedentes del remate en juicio ejecutivo 'Banco Santander-Chile con Inmobiliaria Santa Gloria SpA', Rol N° C-20.589-2024. Secretaria.

1616
Remates de propiedades

nida La Florida Número 9650 -cero ocho-correspondiente a la Segunda Etapa del 'Condominio Santa Amalia' ubicado en Avenida La Florida Número 9650, Comuna de La Florida, Región Metropolitana, de acuerdo al plano archivado con el número 1861 guion uno; y además derechos en proporción al valor de lo adquirido en unión de los otros adquirentes en los bienes comunes entre los cuales se encuentra el terreno, que corresponde al lote Uno - A- Uno del plano de subdivisión respectivo. El título de dominio se encuentra inscrito a fs.10643 N° 16952 del Registro de Propiedad del Conservador de Bienes Raíces de Santiago correspondiente al año 2009. Mínimo Posturas lote será cantidad de 4.740,24 unidades de fomento calculadas al día del remate. Para participar subasta deberá acompañarse vale vista a la orden del tribunal equivalente 10% del mínimo fijado para el remate, con indicación tomador para facilitar su devolución. Dicho documento deberá ser entregado en dependencias del Tribunal el lunes 6 de abril de 2026 entre las 9:00 y las 11:00 horas, con una copia simple del anverso de su cédula de identidad, indicando el Rol de la causa en que se efectuará el remate, monto y número de vale vista, individualización del postor, correo electrónico y teléfono al que se enviará la invitación para acceder a la subasta. Subastador debe suscribir acta de remate en el momento de la subasta, mediante firma electrónica sin perjuicio de lo anterior, si el adjudicatario no contase con firma electrónica, acta se suscribirá presencialmente en dependencias del Tribunal, día hábil siguiente a la subasta previa coordinación al correo electrónico jcsantiago23@pjud.cl, debiendo adjudicatario consignar saldo de precio subasta en la cuenta corriente del Tribunal dentro de quinto día hábil de realizada la subasta. La subasta se realizará por modalidad de videoconferencia, mediante el uso de plataforma Zoom, para lo cual se requiere de un computador o teléfono en ambos casos, con cámara, micrófono, audio y conexión a internet, siendo carga de las partes y postores contar con las herramientas tecnológicas adecuadas para estos fines. Asimismo, participantes de la subasta deben tener activa su Clave Única del Estado o Firma Electrónica Avanzada para trámites posteriores que así lo requieran ante una eventual adjudicación. Las partes del juicio que deseen participar subasta deberán así solicitarlo en autos indicando correo electrónico y número telefónico al cual se debe enviar invitación respectiva. En cuanto a postores, harán lo propio al momento de constituir la garantía. Invitación a la subasta se enviará al mismo día en que se lleve a cabo. Bases y demás antecedentes, autos Banco de Crédito e Inversiones con Carrasco Armijo, Camilo José Rol C-22994-2018, Ejecutivo Desposeimiento. Secretario.

EXTRACTO REMATE: VIGÉSIMO Cuarto Juzgado Civil de Santiago, Huérfanos 1409, Piso 10, Santiago. Se rematará el 15 de abril de 2026, a las 15:00 horas, Departamento 43 del Edificio en block 9-B, calle Senda Vanguard N° 441, Comuna Estación Central, Región Metropolitana, inscrito a fojas 23481, N° 33729 año 2016 Registro Propiedad Conservador Bienes Raíces de Santiago. Mínimo: 896,515617 UF más la suma de $ 238.400 por costas. Pago contado dentro de 5° día hábil de efectuado el remate. La subasta se realizará de forma presencial en dependencias del Tribunal. Deberá acompañarse vale vista a la orden del tribunal, equivalente al 10% del mínimo fijado para el remate, con indicación del tomador para facilitar su devolución. Se hace presente que el vale vista, deberá ser tomado, por quien eventualmente se adjudicará el inmueble o derechos subastados, no admitiéndose que estos sean tomados por terceras personas. No se admitirá a participar como postores a personas que se encuentren con inscripción vigente en Registro Nacional de Deudores de Pensiones de Alimentos. Demás bases y antecedentes causa 'Bice Vida Compañía De Seguros S.A/ Zárate Oñate' Rol N° C-612-2025, Hipotecario. La Secretaria.

REMATE: VIGÉSIMO SEXTO JUZGADO Civil de Santiago, Huérfanos 1409 piso doce, expediente 'Metlife Chile Seguros de Vida S.A. con Villarroel Mardones, Juan Carlos', Rol C-8194-2025. Hipotecario ley general de bancos. Se rematará 30 de abril de 2026 a las 15:15 horas, departamento número mil cua-

PUBLICA
CON NOSOTROS
DE FORMA RÁPIDA, FÁCIL Y CÓMODA
www.economicos.cl
